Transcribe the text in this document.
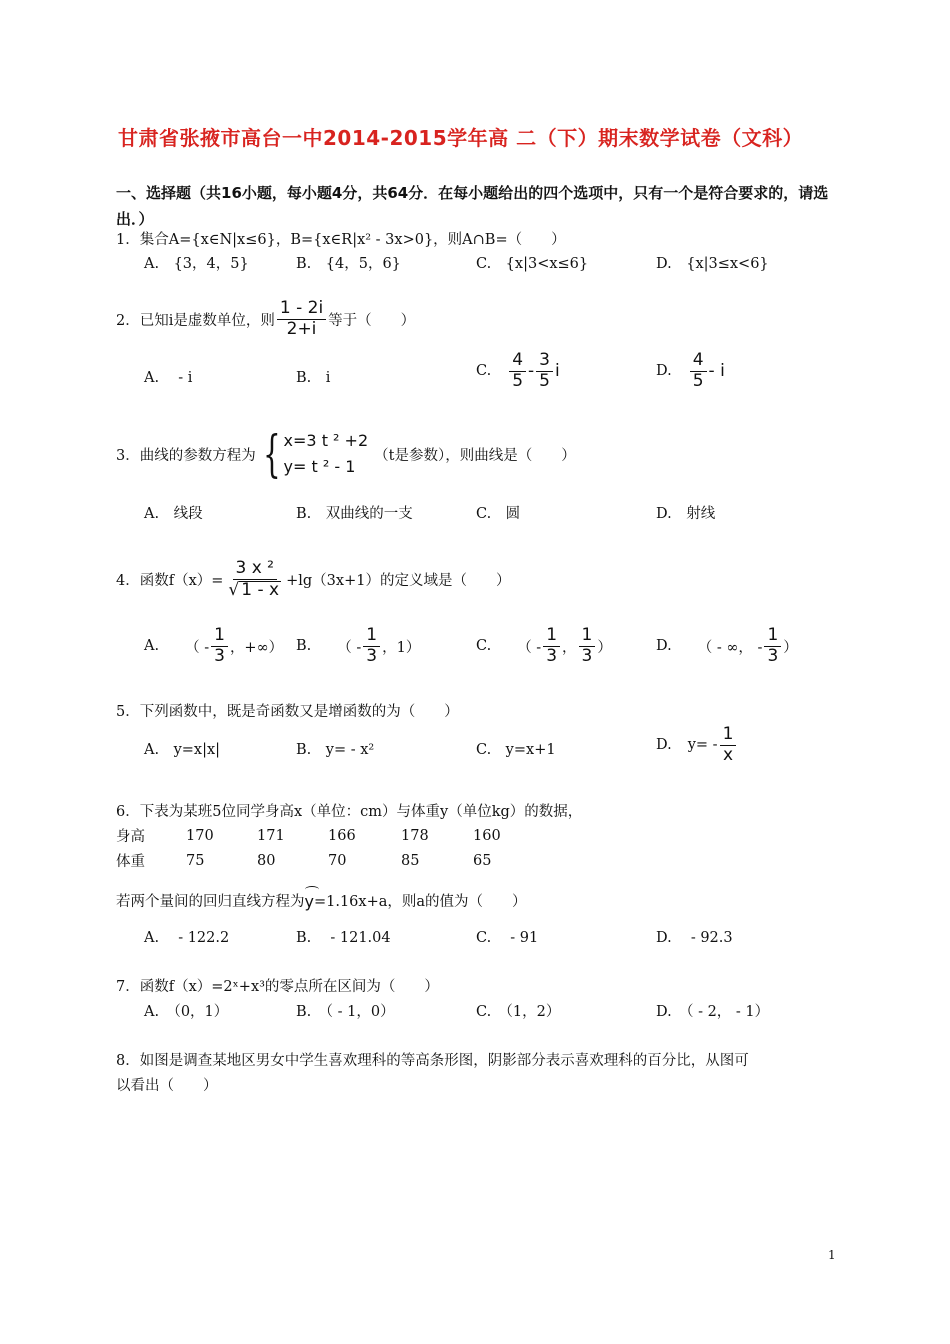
甘肃省张掖市高台一中2014-2015学年高 二（下）期末数学试卷（文科）
一、选择题（共16小题，每小题4分，共64分．在每小题给出的四个选项中，只有一个是符合要求的，请选出．）
1．集合A={x∈N|x≤6}，B={x∈R|x² - 3x>0}，则A∩B=（　　）
A.　{3，4，5}	B.　{4，5，6}	C.　{x|3<x≤6}	D.　{x|3≤x<6}
2．已知i是虚数单位，则 $\frac{1 - 2i}{2+i}$ 等于（　　）
A.　 - i	B.　i	C. $\frac{4}{5} - \frac{3}{5}$ i	D. $\frac{4}{5}$ - i
3．曲线的参数方程为 { x=3 t ² +2
y= t ² - 1
（t是参数），则曲线是（　　）
A.　线段	B.　双曲线的一支	C.　圆	D.　射线
4．函数$f(x)= \frac{\text{3 x ²}}{√ 1 - x} +\lg(3x+1)$的定义域是（　　）
A. （ - $\frac{1}{3}$ ，+∞） B. （ - $\frac{1}{3}$ ，1）	C. （ - $\frac{1}{3}$ ， $\frac{1}{3}$ ）	D. （ - ∞， - $\frac{1}{3}$ ）
5．下列函数中，既是奇函数又是增函数的为（　　）
A.　y=x|x|	B.　y= - x²	C.　y=x+1	D. $y= - \frac{1}{x}$
6．下表为某班5位同学身高x（单位：cm）与体重y（单位kg）的数据，
身高	170	171	166	178	160
体重	75	80	70	85	65
若两个量间的回归直线方程为 y =1.16x+a，则a的值为（　　）
A.　 - 122.2	B.　 - 121.04	C.　 - 91	D.　 - 92.3
7．函数f（x）=2ˣ+x³的零点所在区间为（　　）
A.　（0，1）	B.　（ - 1，0）	C.　（1，2）	D.　（ - 2， - 1）
8．如图是调查某地区男女中学生喜欢理科的等高条形图，阴影部分表示喜欢理科的百分比，从图可
以看出（　　）
1
